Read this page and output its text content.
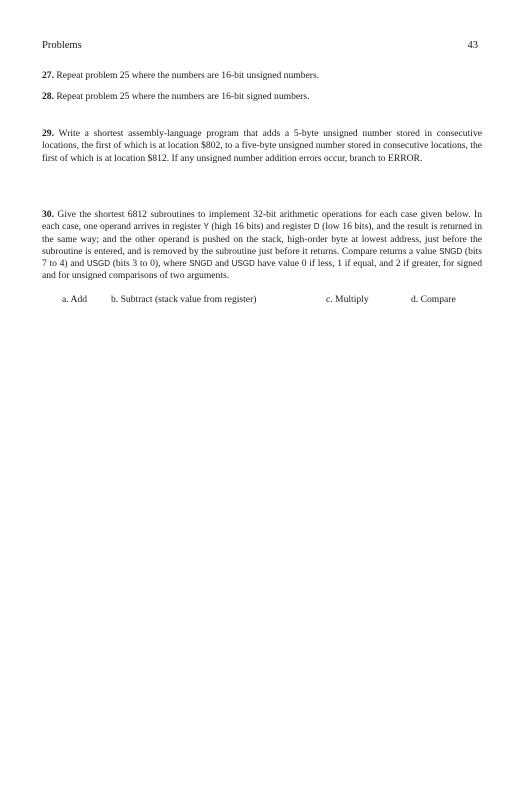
Problems	43

27. Repeat problem 25 where the numbers are 16-bit unsigned numbers.

28. Repeat problem 25 where the numbers are 16-bit signed numbers.

29. Write a shortest assembly-language program that adds a 5-byte unsigned number stored in consecutive locations, the first of which is at location $802, to a five-byte unsigned number stored in consecutive locations, the first of which is at location $812. If any unsigned number addition errors occur, branch to ERROR.

30. Give the shortest 6812 subroutines to implement 32-bit arithmetic operations for each case given below. In each case, one operand arrives in register Y (high 16 bits) and register D (low 16 bits), and the result is returned in the same way; and the other operand is pushed on the stack, high-order byte at lowest address, just before the subroutine is entered, and is removed by the subroutine just before it returns. Compare returns a value SNGD (bits 7 to 4) and USGD (bits 3 to 0), where SNGD and USGD have value 0 if less, 1 if equal, and 2 if greater, for signed and for unsigned comparisons of two arguments.

a. Add b. Subtract (stack value from register)	c. Multiply	d. Compare
